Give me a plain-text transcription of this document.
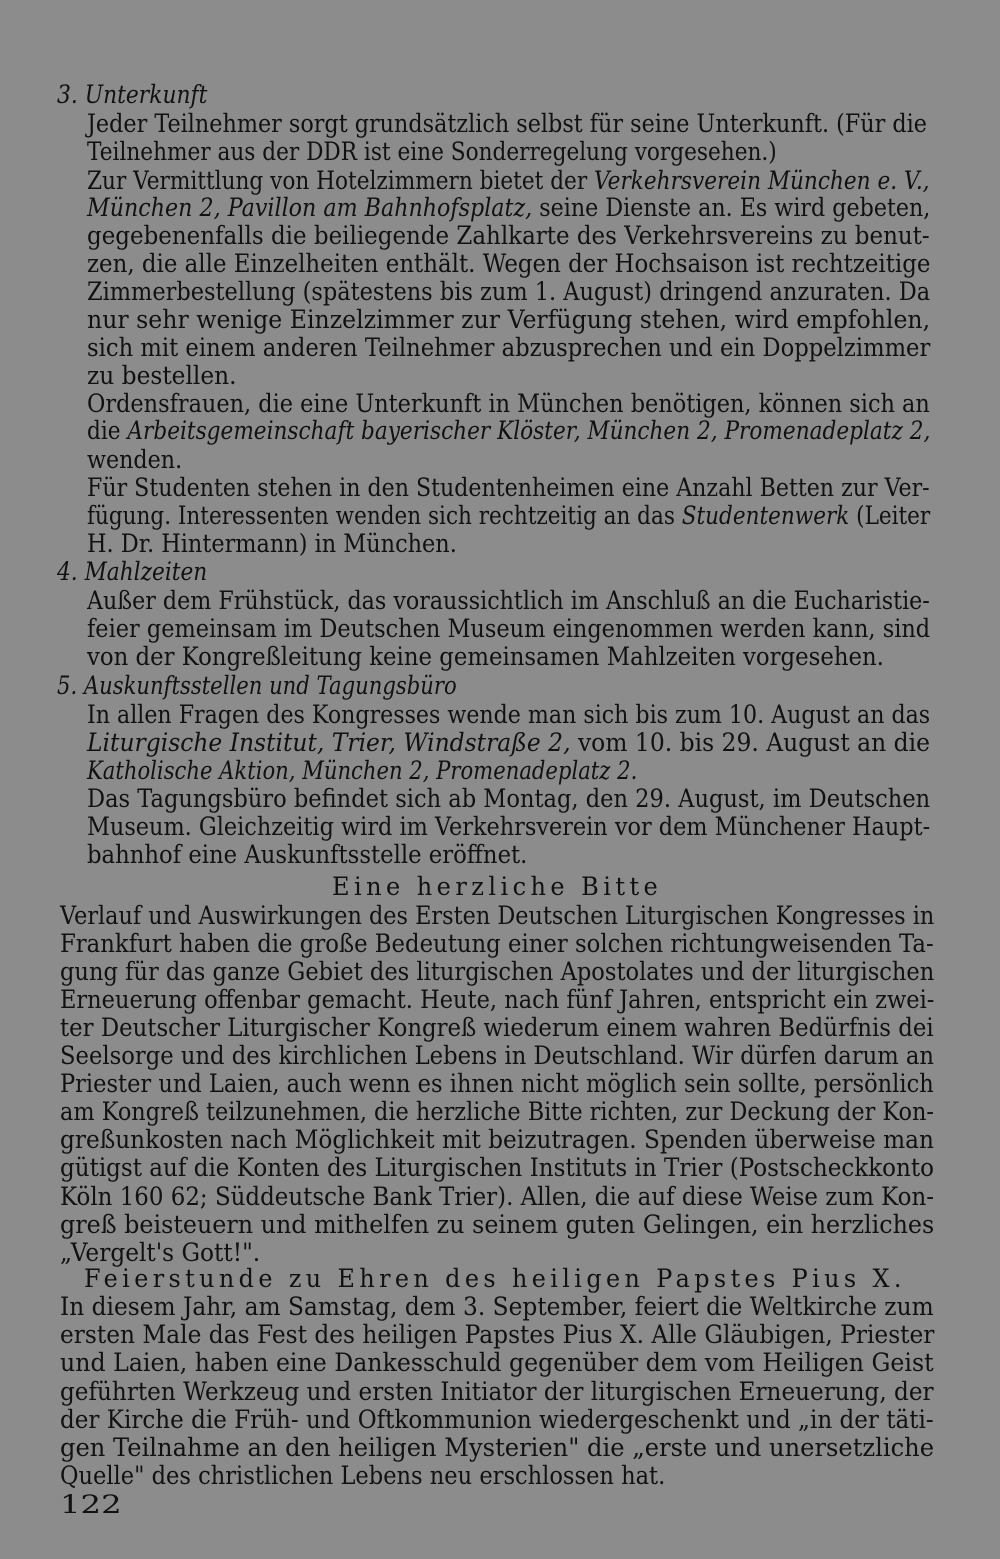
3. Unterkunft
Jeder Teilnehmer sorgt grundsätzlich selbst für seine Unterkunft. (Für die
Teilnehmer aus der DDR ist eine Sonderregelung vorgesehen.)
Zur Vermittlung von Hotelzimmern bietet der Verkehrsverein München e. V.,
München 2, Pavillon am Bahnhofsplatz, seine Dienste an. Es wird gebeten,
gegebenenfalls die beiliegende Zahlkarte des Verkehrsvereins zu benut-
zen, die alle Einzelheiten enthält. Wegen der Hochsaison ist rechtzeitige
Zimmerbestellung (spätestens bis zum 1. August) dringend anzuraten. Da
nur sehr wenige Einzelzimmer zur Verfügung stehen, wird empfohlen,
sich mit einem anderen Teilnehmer abzusprechen und ein Doppelzimmer
zu bestellen.
Ordensfrauen, die eine Unterkunft in München benötigen, können sich an
die Arbeitsgemeinschaft bayerischer Klöster, München 2, Promenadeplatz 2,
wenden.
Für Studenten stehen in den Studentenheimen eine Anzahl Betten zur Ver-
fügung. Interessenten wenden sich rechtzeitig an das Studentenwerk (Leiter
H. Dr. Hintermann) in München.
4. Mahlzeiten
Außer dem Frühstück, das voraussichtlich im Anschluß an die Eucharistie-
feier gemeinsam im Deutschen Museum eingenommen werden kann, sind
von der Kongreßleitung keine gemeinsamen Mahlzeiten vorgesehen.
5. Auskunftsstellen und Tagungsbüro
In allen Fragen des Kongresses wende man sich bis zum 10. August an das
Liturgische Institut, Trier, Windstraße 2, vom 10. bis 29. August an die
Katholische Aktion, München 2, Promenadeplatz 2.
Das Tagungsbüro befindet sich ab Montag, den 29. August, im Deutschen
Museum. Gleichzeitig wird im Verkehrsverein vor dem Münchener Haupt-
bahnhof eine Auskunftsstelle eröffnet.
Eine herzliche Bitte
Verlauf und Auswirkungen des Ersten Deutschen Liturgischen Kongresses in
Frankfurt haben die große Bedeutung einer solchen richtungweisenden Ta-
gung für das ganze Gebiet des liturgischen Apostolates und der liturgischen
Erneuerung offenbar gemacht. Heute, nach fünf Jahren, entspricht ein zwei-
ter Deutscher Liturgischer Kongreß wiederum einem wahren Bedürfnis dei
Seelsorge und des kirchlichen Lebens in Deutschland. Wir dürfen darum an
Priester und Laien, auch wenn es ihnen nicht möglich sein sollte, persönlich
am Kongreß teilzunehmen, die herzliche Bitte richten, zur Deckung der Kon-
greßunkosten nach Möglichkeit mit beizutragen. Spenden überweise man
gütigst auf die Konten des Liturgischen Instituts in Trier (Postscheckkonto
Köln 160 62; Süddeutsche Bank Trier). Allen, die auf diese Weise zum Kon-
greß beisteuern und mithelfen zu seinem guten Gelingen, ein herzliches
„Vergelt's Gott!".
Feierstunde zu Ehren des heiligen Papstes Pius X.
In diesem Jahr, am Samstag, dem 3. September, feiert die Weltkirche zum
ersten Male das Fest des heiligen Papstes Pius X. Alle Gläubigen, Priester
und Laien, haben eine Dankesschuld gegenüber dem vom Heiligen Geist
geführten Werkzeug und ersten Initiator der liturgischen Erneuerung, der
der Kirche die Früh- und Oftkommunion wiedergeschenkt und „in der täti-
gen Teilnahme an den heiligen Mysterien" die „erste und unersetzliche
Quelle" des christlichen Lebens neu erschlossen hat.
122
